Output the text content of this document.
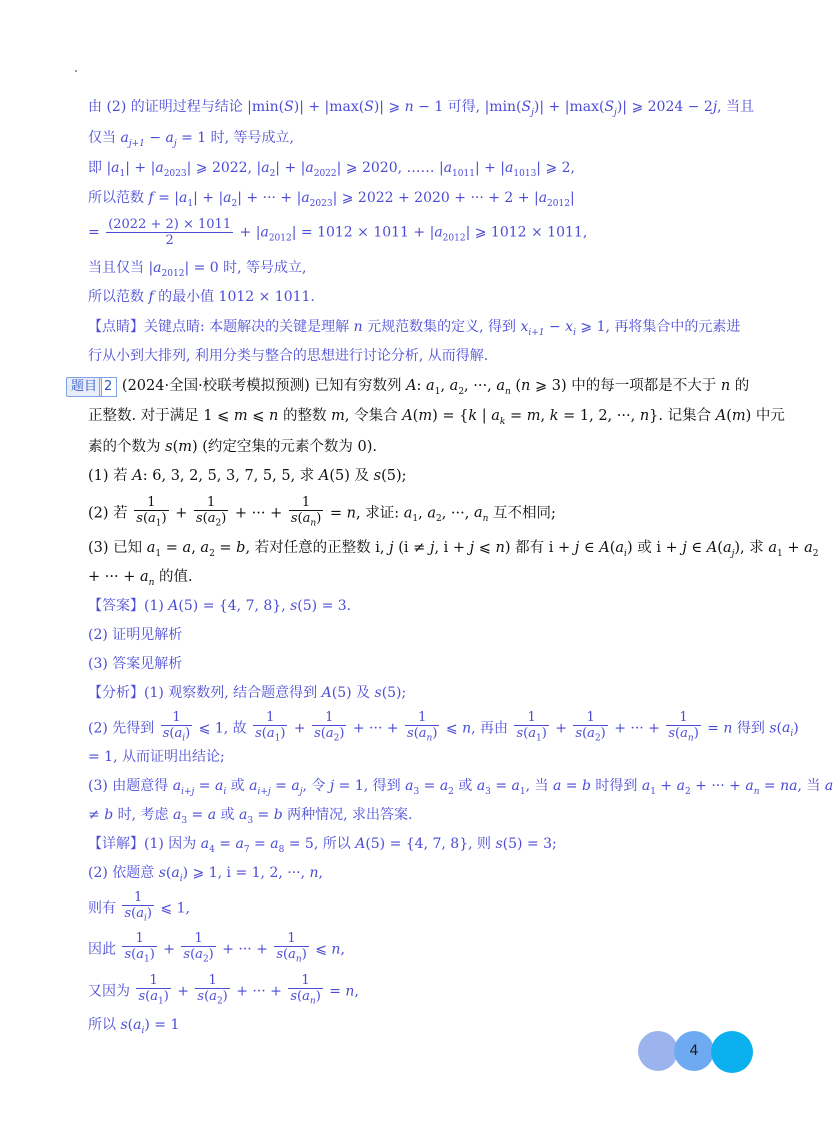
由 (2) 的证明过程与结论 |min(S)| + |max(S)| ⩾ n − 1 可得, $|\min(S_j)| + |\max(S_j)|$ ⩾ 2024 − 2j, 当且
仅当 $a_{j+1} - a_j = 1$ 时, 等号成立,
即 $|a_1| + |a_{2023}|$ ⩾ 2022, $|a_2| + |a_{2022}|$ ⩾ 2020, …… $|a_{1011}| + |a_{1013}|$ ⩾ 2,
所以范数 $f = |a_1| + |a_2|$ + ··· + $|a_{2023}|$ ⩾ 2022 + 2020 + ··· + $2 + |a_{2012}|$
= $\frac{(2022 + 2) \times 1011}{2} + |a_{2012}| = 1012 \times 1011 + |a_{2012}|$ ⩾ 1012 × 1011,
当且仅当 $|a_{2012}| = 0$ 时, 等号成立,
所以范数 f 的最小值 1012 × 1011.
【点睛】关键点睛: 本题解决的关键是理解 n 元规范数集的定义, 得到 $x_{i+1} - x_i$ ⩾ 1, 再将集合中的元素进
行从小到大排列, 利用分类与整合的思想进行讨论分析, 从而得解.
题目 2 (2024·全国·校联考模拟预测) 已知有穷数列 A: $a_1$, $a_2$, ···, $a_n$ (n ⩾ 3) 中的每一项都是不大于 n 的
正整数. 对于满足 1 ⩽ m ⩽ n 的整数 m, 令集合 A(m) = {k | $a_k = m$, k = 1, 2, ···, n}. 记集合 A(m) 中元
素的个数为 s(m) (约定空集的元素个数为 0).
(1) 若 A: 6, 3, 2, 5, 3, 7, 5, 5, 求 A(5) 及 s(5);
(2) 若 $\frac{1}{s(a_1)} + \frac{1}{s(a_2)}$ + ··· + $\frac{1}{s(a_n)} = n$, 求证: $a_1$, $a_2$, ···, $a_n$ 互不相同;
(3) 已知 $a_1 = a$, $a_2 = b$, 若对任意的正整数 i, j (i ≠ j, i + j ⩽ n) 都有 i + j ∈ $A(a_i)$ 或 i + j ∈ $A(a_j)$, 求 $a_1 + a_2$
+ ··· + $a_n$ 的值.
【答案】(1) A(5) = {4, 7, 8}, s(5) = 3.
(2) 证明见解析
(3) 答案见解析
【分析】(1) 观察数列, 结合题意得到 A(5) 及 s(5);
(2) 先得到 $\frac{1}{s(a_i)}$ ⩽ 1, 故 $\frac{1}{s(a_1)} + \frac{1}{s(a_2)}$ + ··· + $\frac{1}{s(a_n)}$ ⩽ n, 再由 $\frac{1}{s(a_1)} + \frac{1}{s(a_2)}$ + ··· + $\frac{1}{s(a_n)} = n$ 得到 $s(a_i)$
= 1, 从而证明出结论;
(3) 由题意得 $a_{i+j} = a_i$ 或 $a_{i+j} = a_j$, 令 j = 1, 得到 $a_3 = a_2$ 或 $a_3 = a_1$, 当 a = b 时得到 $a_1 + a_2$ + ··· + $a_n$ = na, 当 a
≠ b 时, 考虑 $a_3 = a$ 或 $a_3 = b$ 两种情况, 求出答案.
【详解】(1) 因为 $a_4 = a_7 = a_8 = 5$, 所以 A(5) = {4, 7, 8}, 则 s(5) = 3;
(2) 依题意 $s(a_i)$ ⩾ 1, i = 1, 2, ···, n,
则有 $\frac{1}{s(a_i)}$ ⩽ 1,
因此 $\frac{1}{s(a_1)} + \frac{1}{s(a_2)}$ + ··· + $\frac{1}{s(a_n)}$ ⩽ n,
又因为 $\frac{1}{s(a_1)} + \frac{1}{s(a_2)}$ + ··· + $\frac{1}{s(a_n)} = n$,
所以 $s(a_i) = 1$
4
